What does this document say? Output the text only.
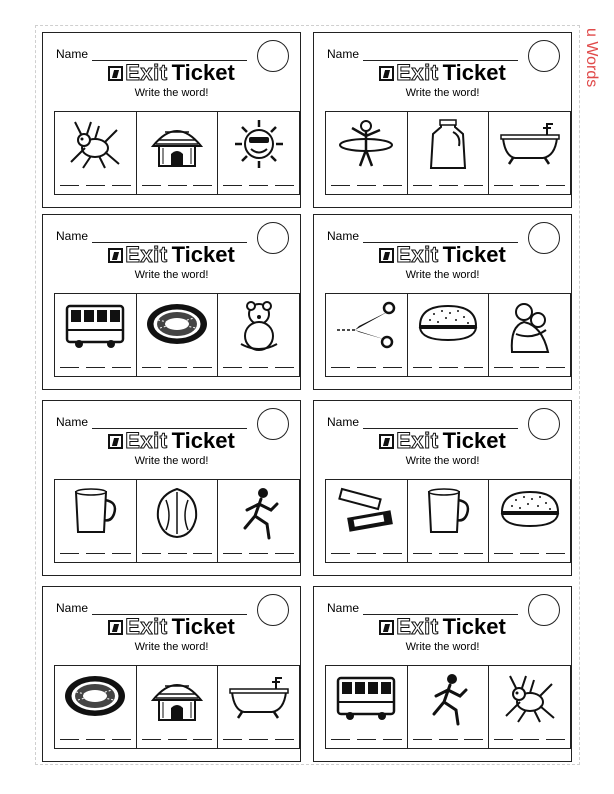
u Words
Name
Exit Ticket
Write the word!
Name
Exit Ticket
Write the word!
Name
Exit Ticket
Write the word!
Name
Exit Ticket
Write the word!
Name
Exit Ticket
Write the word!
Name
Exit Ticket
Write the word!
Name
Exit Ticket
Write the word!
Name
Exit Ticket
Write the word!
